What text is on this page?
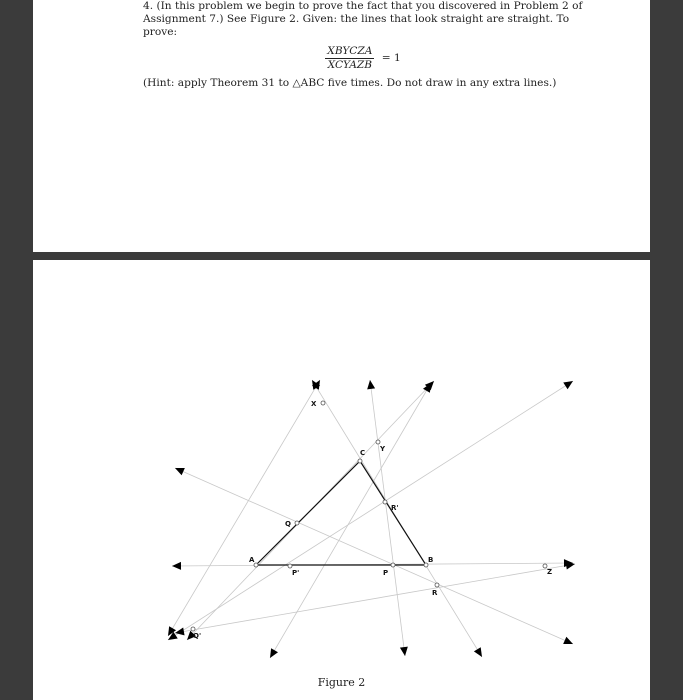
4. (In this problem we begin to prove the fact that you discovered in Problem 2 of Assignment 7.) See Figure 2. Given: the lines that look straight are straight. To prove:

$\frac{\text{XBYCZA}}{\text{XCYAZB}} = 1$

(Hint: apply Theorem 31 to △ABC five times. Do not draw in any extra lines.)

A	B
C
P
P'
Q
Q'
R
R'
X
Y
Z
Figure 2
